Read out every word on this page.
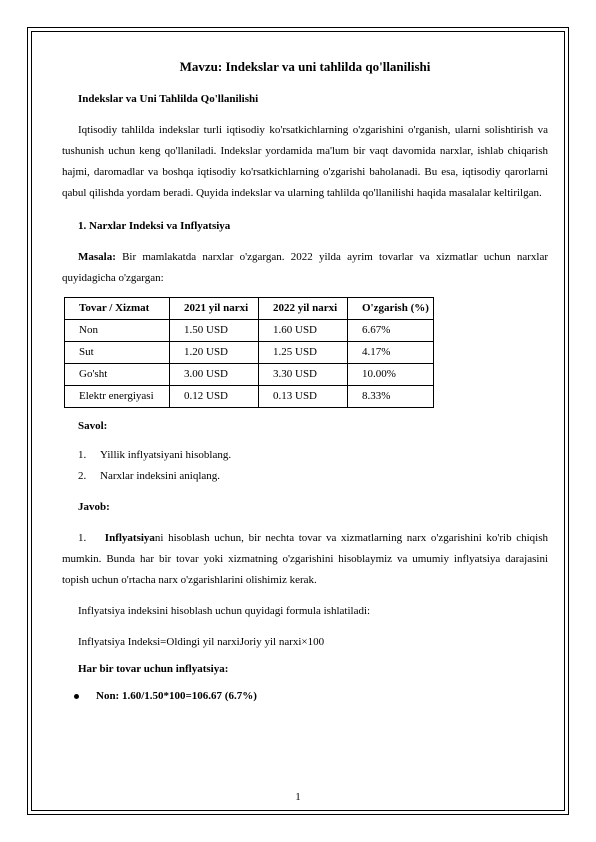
Mavzu: Indekslar va uni tahlilda qo'llanilishi

Indekslar va Uni Tahlilda Qo'llanilishi

Iqtisodiy tahlilda indekslar turli iqtisodiy ko'rsatkichlarning o'zgarishini o'rganish, ularni solishtirish va tushunish uchun keng qo'llaniladi. Indekslar yordamida ma'lum bir vaqt davomida narxlar, ishlab chiqarish hajmi, daromadlar va boshqa iqtisodiy ko'rsatkichlarning o'zgarishi baholanadi. Bu esa, iqtisodiy qarorlarni qabul qilishda yordam beradi. Quyida indekslar va ularning tahlilda qo'llanilishi haqida masalalar keltirilgan.

1. Narxlar Indeksi va Inflyatsiya

Masala: Bir mamlakatda narxlar o'zgargan. 2022 yilda ayrim tovarlar va xizmatlar uchun narxlar quyidagicha o'zgargan:

Tovar / Xizmat	2021 yil narxi	2022 yil narxi	O'zgarish (%)
Non	1.50 USD	1.60 USD	6.67%
Sut	1.20 USD	1.25 USD	4.17%
Go'sht	3.00 USD	3.30 USD	10.00%
Elektr energiyasi	0.12 USD	0.13 USD	8.33%

Savol:

1.	Yillik inflyatsiyani hisoblang.
2.	Narxlar indeksini aniqlang.

Javob:

1. Inflyatsiyani hisoblash uchun, bir nechta tovar va xizmatlarning narx o'zgarishini ko'rib chiqish mumkin. Bunda har bir tovar yoki xizmatning o'zgarishini hisoblaymiz va umumiy inflyatsiya darajasini topish uchun o'rtacha narx o'zgarishlarini olishimiz kerak.

Inflyatsiya indeksini hisoblash uchun quyidagi formula ishlatiladi:

Inflyatsiya Indeksi=Oldingi yil narxiJoriy yil narxi×100

Har bir tovar uchun inflyatsiya:

Non: 1.60/1.50*100=106.67 (6.7%)
1
